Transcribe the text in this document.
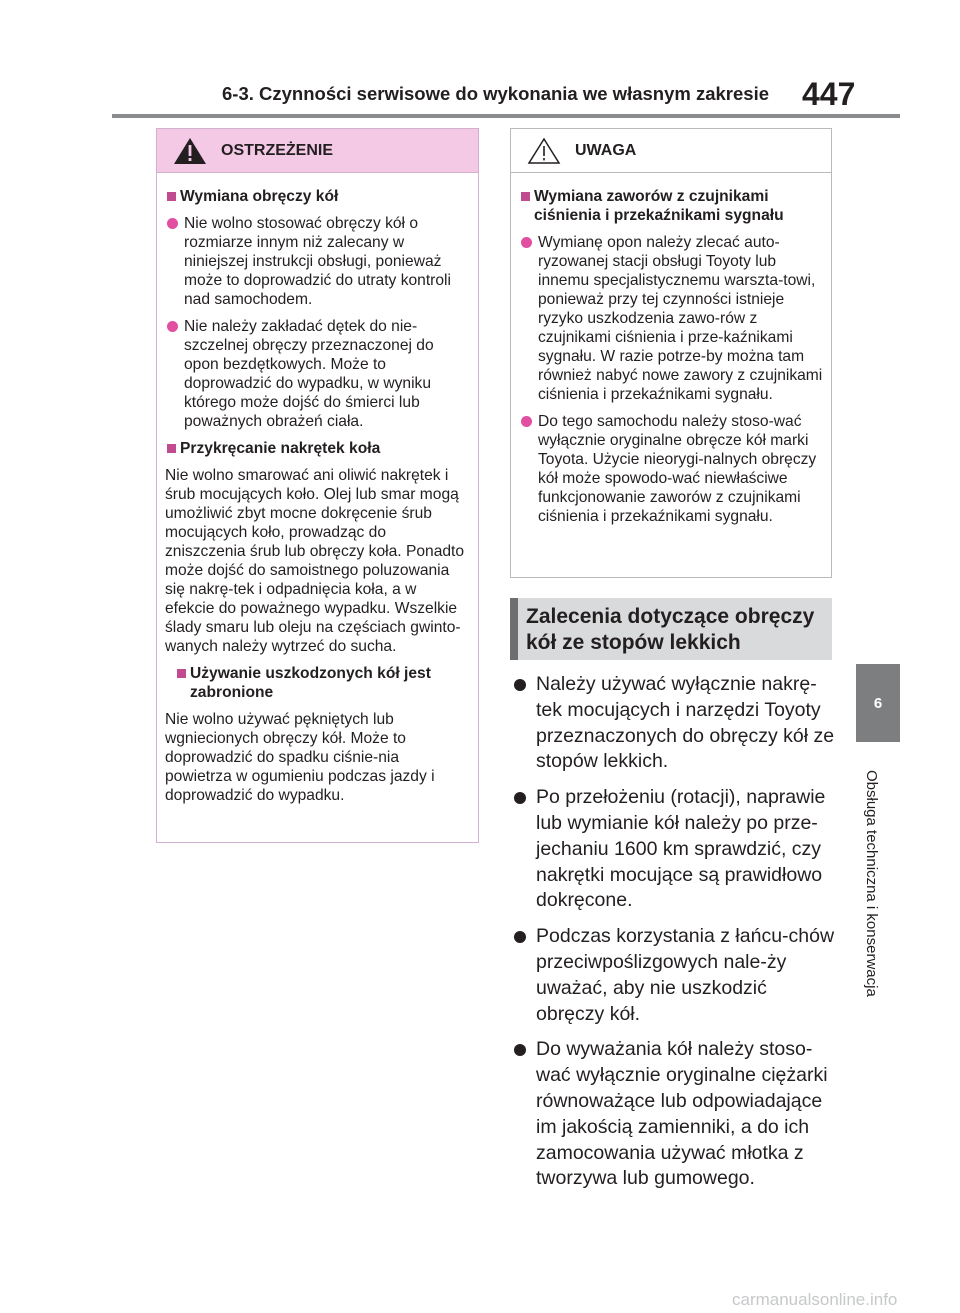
6-3. Czynności serwisowe do wykonania we własnym zakresie 447
6
Obsługa techniczna i konserwacja
OSTRZEŻENIE
Wymiana obręczy kół
Nie wolno stosować obręczy kół o rozmiarze innym niż zalecany w niniejszej instrukcji obsługi, ponieważ może to doprowadzić do utraty kontroli nad samochodem.
Nie należy zakładać dętek do nie-szczelnej obręczy przeznaczonej do opon bezdętkowych. Może to doprowadzić do wypadku, w wyniku którego może dojść do śmierci lub poważnych obrażeń ciała.
Przykręcanie nakrętek koła
Nie wolno smarować ani oliwić nakrętek i śrub mocujących koło. Olej lub smar mogą umożliwić zbyt mocne dokręcenie śrub mocujących koło, prowadząc do zniszczenia śrub lub obręczy koła. Ponadto może dojść do samoistnego poluzowania się nakrę-tek i odpadnięcia koła, a w efekcie do poważnego wypadku. Wszelkie ślady smaru lub oleju na częściach gwinto-wanych należy wytrzeć do sucha.
Używanie uszkodzonych kół jest zabronione
Nie wolno używać pękniętych lub wgniecionych obręczy kół. Może to doprowadzić do spadku ciśnie-nia powietrza w ogumieniu podczas jazdy i doprowadzić do wypadku.
UWAGA
Wymiana zaworów z czujnikami ciśnienia i przekaźnikami sygnału
Wymianę opon należy zlecać auto-ryzowanej stacji obsługi Toyoty lub innemu specjalistycznemu warszta-towi, ponieważ przy tej czynności istnieje ryzyko uszkodzenia zawo-rów z czujnikami ciśnienia i prze-kaźnikami sygnału. W razie potrze-by można tam również nabyć nowe zawory z czujnikami ciśnienia i przekaźnikami sygnału.
Do tego samochodu należy stoso-wać wyłącznie oryginalne obręcze kół marki Toyota. Użycie nieorygi-nalnych obręczy kół może spowodo-wać niewłaściwe funkcjonowanie zaworów z czujnikami ciśnienia i przekaźnikami sygnału.
Zalecenia dotyczące obręczy kół ze stopów lekkich
Należy używać wyłącznie nakrę-tek mocujących i narzędzi Toyoty przeznaczonych do obręczy kół ze stopów lekkich.
Po przełożeniu (rotacji), naprawie lub wymianie kół należy po prze-jechaniu 1600 km sprawdzić, czy nakrętki mocujące są prawidłowo dokręcone.
Podczas korzystania z łańcu-chów przeciwpoślizgowych nale-ży uważać, aby nie uszkodzić obręczy kół.
Do wyważania kół należy stoso-wać wyłącznie oryginalne ciężarki równoważące lub odpowiadające im jakością zamienniki, a do ich zamocowania używać młotka z tworzywa lub gumowego.
carmanualsonline.info
